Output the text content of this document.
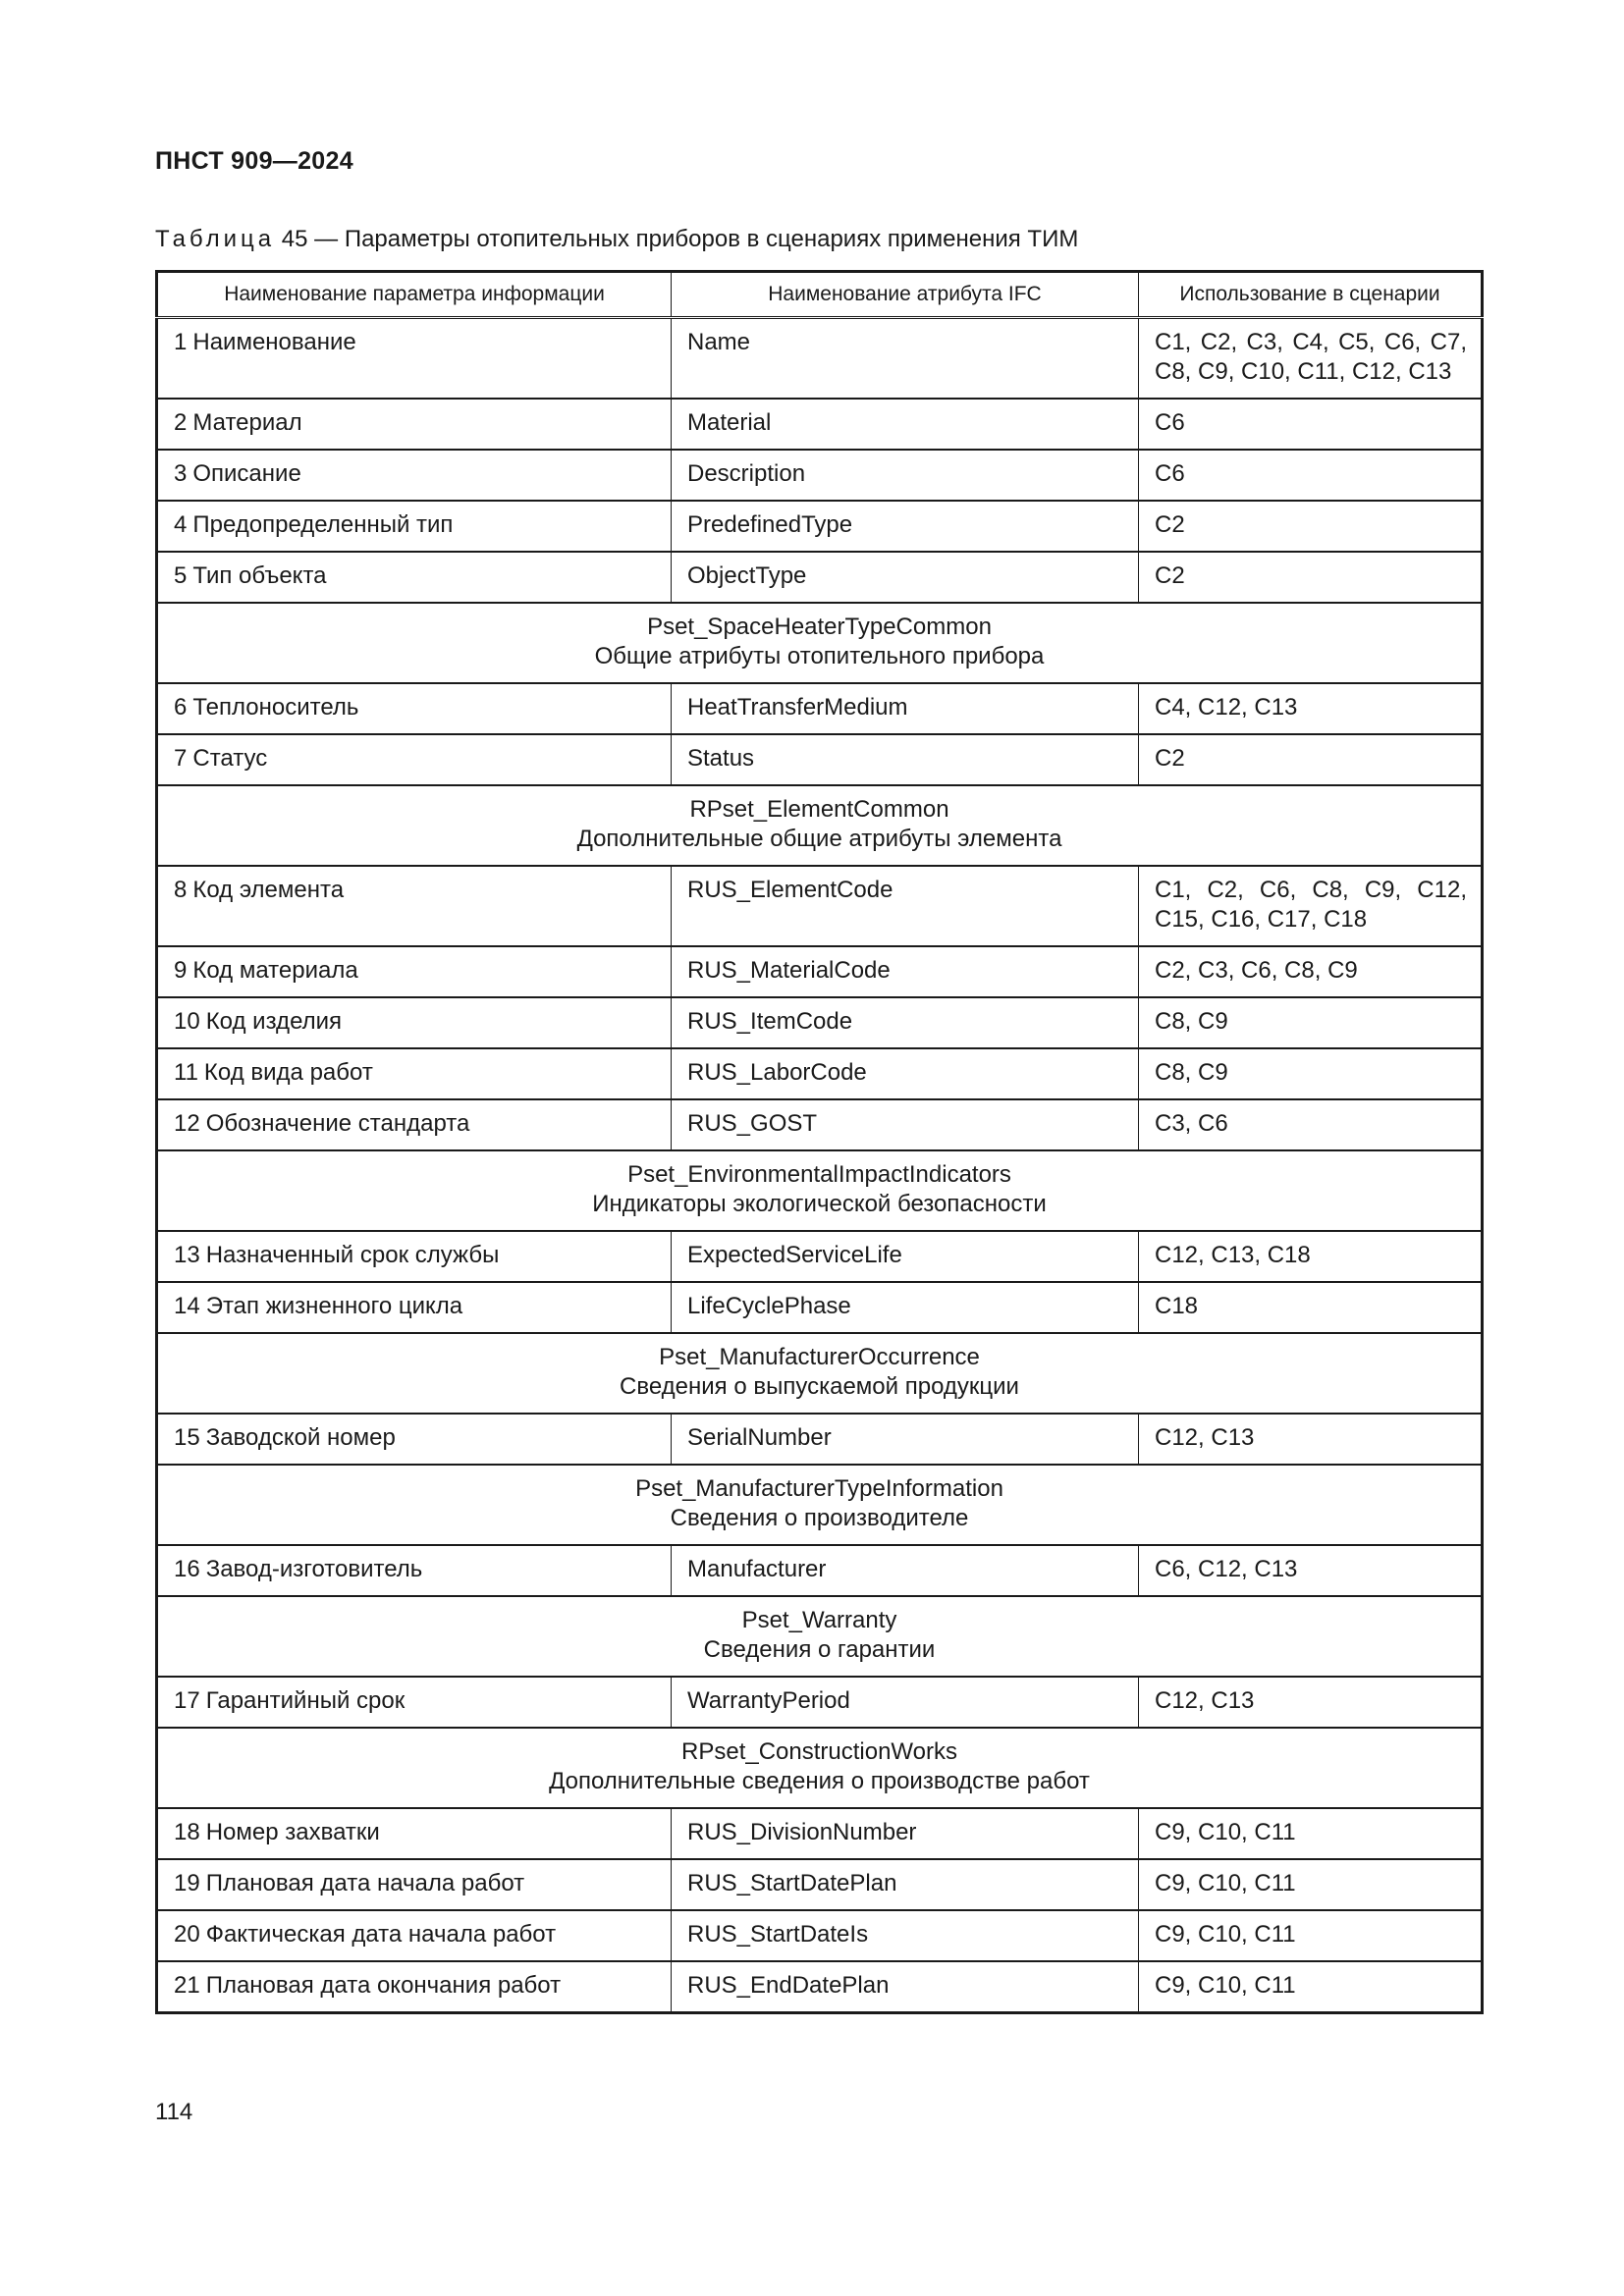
ПНСТ 909—2024
Таблица 45 — Параметры отопительных приборов в сценариях применения ТИМ
Наименование параметра информации	Наименование атрибута IFC	Использование в сценарии
1 Наименование	Name	С1, С2, С3, С4, С5, С6, С7, С8, С9, С10, С11, С12, С13
2 Материал	Material	С6
3 Описание	Description	С6
4 Предопределенный тип	PredefinedType	С2
5 Тип объекта	ObjectType	С2

Pset_SpaceHeaterTypeCommon
Общие атрибуты отопительного прибора		

6 Теплоноситель	HeatTransferMedium	С4, С12, С13
7 Статус	Status	С2

RPset_ElementCommon
Дополнительные общие атрибуты элемента		

8 Код элемента	RUS_ElementCode	С1, С2, С6, С8, С9, С12, С15, С16, С17, С18
9 Код материала	RUS_MaterialCode	С2, С3, С6, С8, С9
10 Код изделия	RUS_ItemCode	С8, С9
11 Код вида работ	RUS_LaborCode	С8, С9
12 Обозначение стандарта	RUS_GOST	С3, С6

Pset_EnvironmentalImpactIndicators
Индикаторы экологической безопасности		

13 Назначенный срок службы	ExpectedServiceLife	С12, С13, С18
14 Этап жизненного цикла	LifeCyclePhase	С18

Pset_ManufacturerOccurrence
Сведения о выпускаемой продукции		

15 Заводской номер	SerialNumber	С12, С13

Pset_ManufacturerTypeInformation
Сведения о производителе		

16 Завод-изготовитель	Manufacturer	С6, С12, С13

Pset_Warranty
Сведения о гарантии		

17 Гарантийный срок	WarrantyPeriod	С12, С13

RPset_ConstructionWorks
Дополнительные сведения о производстве работ		

18 Номер захватки	RUS_DivisionNumber	С9, С10, С11
19 Плановая дата начала работ	RUS_StartDatePlan	С9, С10, С11
20 Фактическая дата начала работ	RUS_StartDateIs	С9, С10, С11
21 Плановая дата окончания работ	RUS_EndDatePlan	С9, С10, С11
114
